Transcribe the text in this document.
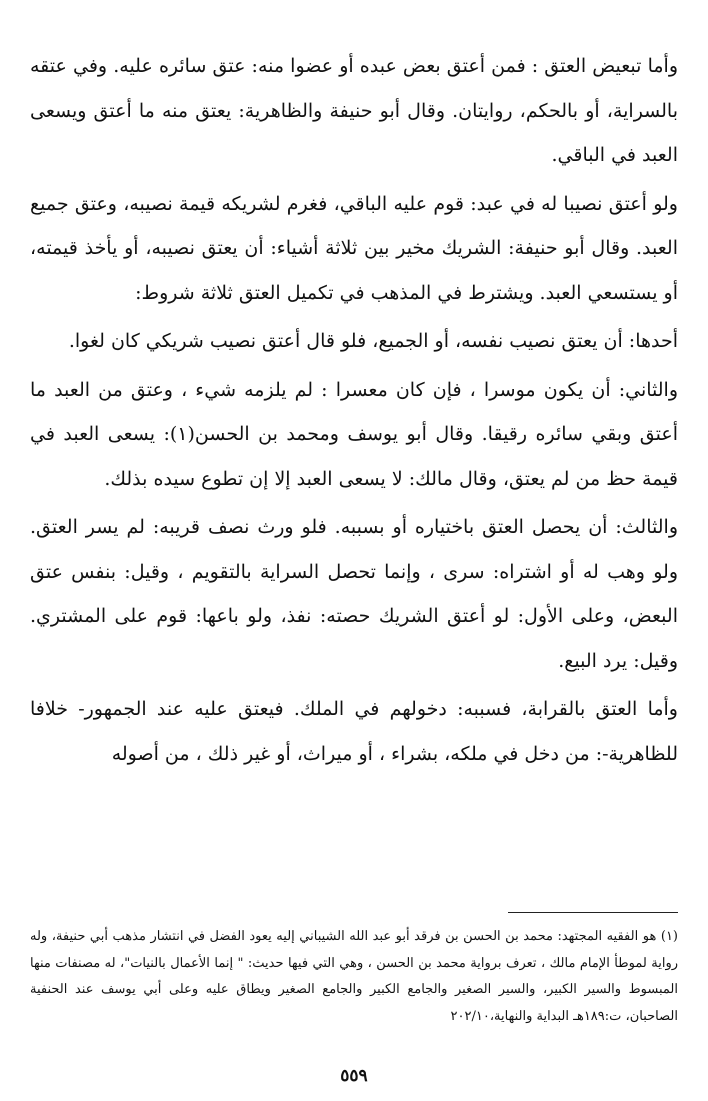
وأما تبعيض العتق : فمن أعتق بعض عبده أو عضوا منه: عتق سائره عليه. وفي عتقه بالسراية، أو بالحكم، روايتان. وقال أبو حنيفة والظاهرية: يعتق منه ما أعتق ويسعى العبد في الباقي.

ولو أعتق نصيبا له في عبد: قوم عليه الباقي، فغرم لشريكه قيمة نصيبه، وعتق جميع العبد. وقال أبو حنيفة: الشريك مخير بين ثلاثة أشياء: أن يعتق نصيبه، أو يأخذ قيمته، أو يستسعي العبد. ويشترط في المذهب في تكميل العتق ثلاثة شروط:

أحدها: أن يعتق نصيب نفسه، أو الجميع، فلو قال أعتق نصيب شريكي كان لغوا.

والثاني: أن يكون موسرا ، فإن كان معسرا : لم يلزمه شيء ، وعتق من العبد ما أعتق وبقي سائره رقيقا. وقال أبو يوسف ومحمد بن الحسن(١): يسعى العبد في قيمة حظ من لم يعتق، وقال مالك: لا يسعى العبد إلا إن تطوع سيده بذلك.

والثالث: أن يحصل العتق باختياره أو بسببه. فلو ورث نصف قريبه: لم يسر العتق. ولو وهب له أو اشتراه: سرى ، وإنما تحصل السراية بالتقويم ، وقيل: بنفس عتق البعض، وعلى الأول: لو أعتق الشريك حصته: نفذ، ولو باعها: قوم على المشتري. وقيل: يرد البيع.

وأما العتق بالقرابة، فسببه: دخولهم في الملك. فيعتق عليه عند الجمهور- خلافا للظاهرية-: من دخل في ملكه، بشراء ، أو ميراث، أو غير ذلك ، من أصوله

(١) هو الفقيه المجتهد: محمد بن الحسن بن فرقد أبو عبد الله الشيباني إليه يعود الفضل في انتشار مذهب أبي حنيفة، وله رواية لموطأ الإمام مالك ، تعرف برواية محمد بن الحسن ، وهي التي فيها حديث: " إنما الأعمال بالنيات"، له مصنفات منها المبسوط والسير الكبير، والسير الصغير والجامع الكبير والجامع الصغير ويطاق عليه وعلى أبي يوسف عند الحنفية الصاحبان، ت:١٨٩هـ البداية والنهاية،٢٠٢/١٠
٥٥٩
